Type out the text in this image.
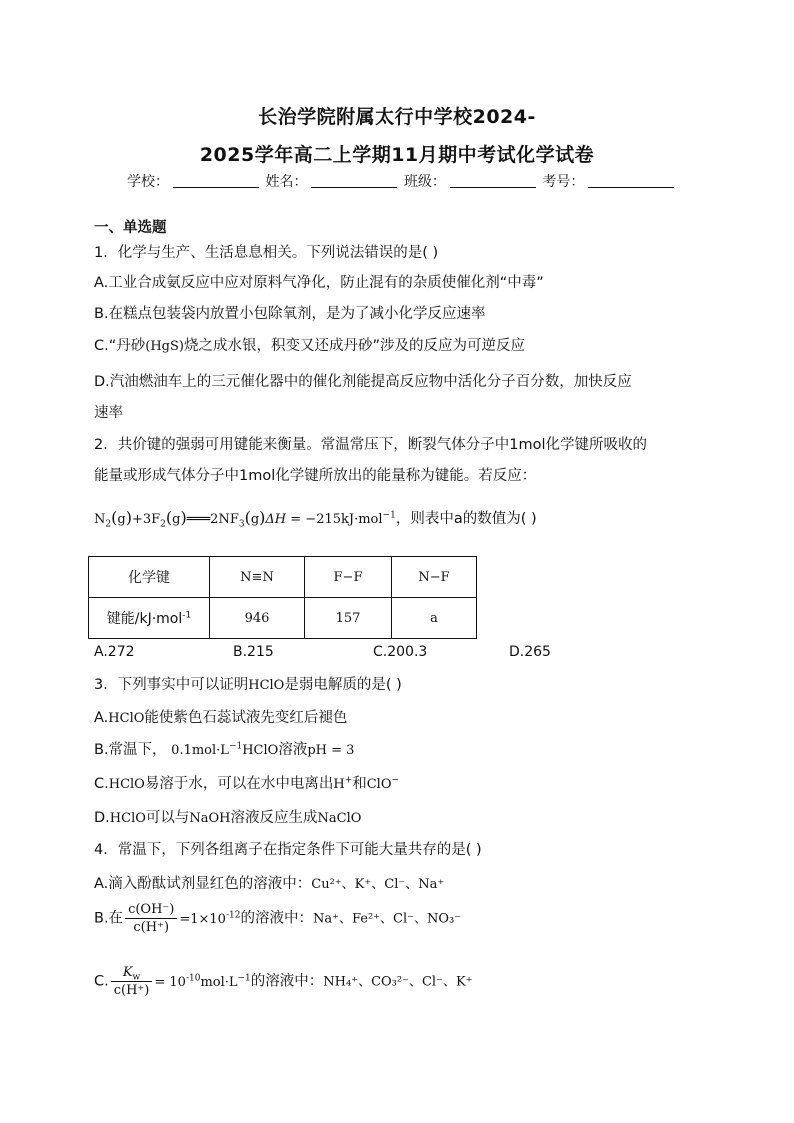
长治学院附属太行中学校2024-
2025学年高二上学期11月期中考试化学试卷
学校：	姓名：	班级：	考号：
一、单选题
1．化学与生产、生活息息相关。下列说法错误的是( )
A.工业合成氨反应中应对原料气净化，防止混有的杂质使催化剂“中毒”
B.在糕点包装袋内放置小包除氧剂，是为了减小化学反应速率
C.“丹砂(HgS)烧之成水银，积变又还成丹砂”涉及的反应为可逆反应
D.汽油燃油车上的三元催化器中的催化剂能提高反应物中活化分子百分数，加快反应
速率
2．共价键的强弱可用键能来衡量。常温常压下，断裂气体分子中1mol化学键所吸收的
能量或形成气体分子中1mol化学键所放出的能量称为键能。若反应：
$N_2(g)+3F_2(g)═══2NF_3(g)\Delta H = -215kJ\cdot mol^{-1}$，则表中a的数值为( )
化学键	N≡N	F−F	N−F
键能/kJ·mol$^{-1}$	946	157	a
A.272	B.215	C.200.3	D.265
3．下列事实中可以证明HClO是弱电解质的是( )
A.HClO能使紫色石蕊试液先变红后褪色
B.常温下， $0.1mol\cdot L^{-1}HClO$溶液pH = 3
C.HClO易溶于水，可以在水中电离出H+和ClO−
D.HClO可以与NaOH溶液反应生成NaClO
4．常温下，下列各组离子在指定条件下可能大量共存的是( )
A.滴入酚酞试剂显红色的溶液中：Cu²⁺、K⁺、Cl⁻、Na⁺
B.在 $\frac{c(OH^-)}{c(H^+)} =1\times 10^{-12}$的溶液中：Na⁺、Fe²⁺、Cl⁻、NO₃⁻
C. $\frac{K_w}{c(H^+)} = 10^{-10}mol\cdot L^{-1}$的溶液中：NH₄⁺、CO₃²⁻、Cl⁻、K⁺
